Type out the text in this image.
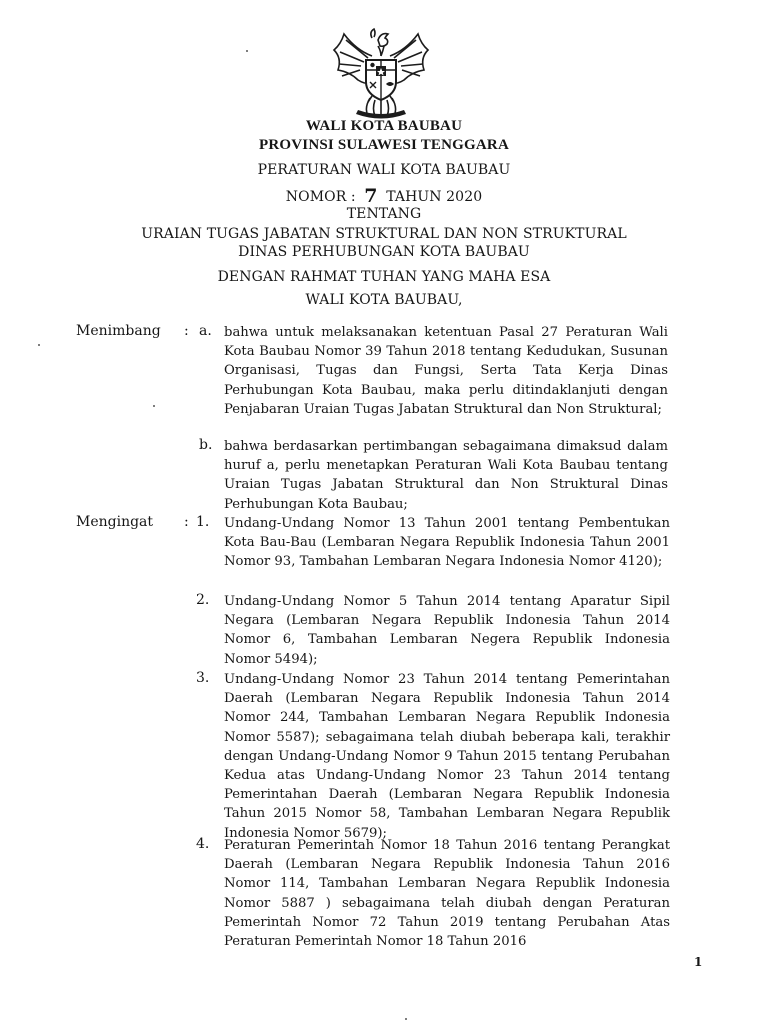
WALI KOTA BAUBAU
PROVINSI SULAWESI TENGGARA
PERATURAN WALI KOTA BAUBAU
NOMOR : 7 TAHUN 2020
TENTANG
URAIAN TUGAS JABATAN STRUKTURAL DAN NON STRUKTURAL
DINAS PERHUBUNGAN KOTA BAUBAU
DENGAN RAHMAT TUHAN YANG MAHA ESA
WALI KOTA BAUBAU,
Menimbang : a. bahwa untuk melaksanakan ketentuan Pasal 27 Peraturan Wali Kota Baubau Nomor 39 Tahun 2018 tentang Kedudukan, Susunan Organisasi, Tugas dan Fungsi, Serta Tata Kerja Dinas Perhubungan Kota Baubau, maka perlu ditindaklanjuti dengan Penjabaran Uraian Tugas Jabatan Struktural dan Non Struktural;
b. bahwa berdasarkan pertimbangan sebagaimana dimaksud dalam huruf a, perlu menetapkan Peraturan Wali Kota Baubau tentang Uraian Tugas Jabatan Struktural dan Non Struktural Dinas Perhubungan Kota Baubau;
Mengingat : 1. Undang-Undang Nomor 13 Tahun 2001 tentang Pembentukan Kota Bau-Bau (Lembaran Negara Republik Indonesia Tahun 2001 Nomor 93, Tambahan Lembaran Negara Indonesia Nomor 4120);
2. Undang-Undang Nomor 5 Tahun 2014 tentang Aparatur Sipil Negara (Lembaran Negara Republik Indonesia Tahun 2014 Nomor 6, Tambahan Lembaran Negera Republik Indonesia Nomor 5494);
3. Undang-Undang Nomor 23 Tahun 2014 tentang Pemerintahan Daerah (Lembaran Negara Republik Indonesia Tahun 2014 Nomor 244, Tambahan Lembaran Negara Republik Indonesia Nomor 5587); sebagaimana telah diubah beberapa kali, terakhir dengan Undang-Undang Nomor 9 Tahun 2015 tentang Perubahan Kedua atas Undang-Undang Nomor 23 Tahun 2014 tentang Pemerintahan Daerah (Lembaran Negara Republik Indonesia Tahun 2015 Nomor 58, Tambahan Lembaran Negara Republik Indonesia Nomor 5679);
4. Peraturan Pemerintah Nomor 18 Tahun 2016 tentang Perangkat Daerah (Lembaran Negara Republik Indonesia Tahun 2016 Nomor 114, Tambahan Lembaran Negara Republik Indonesia Nomor 5887 ) sebagaimana telah diubah dengan Peraturan Pemerintah Nomor 72 Tahun 2019 tentang Perubahan Atas Peraturan Pemerintah Nomor 18 Tahun 2016
1
